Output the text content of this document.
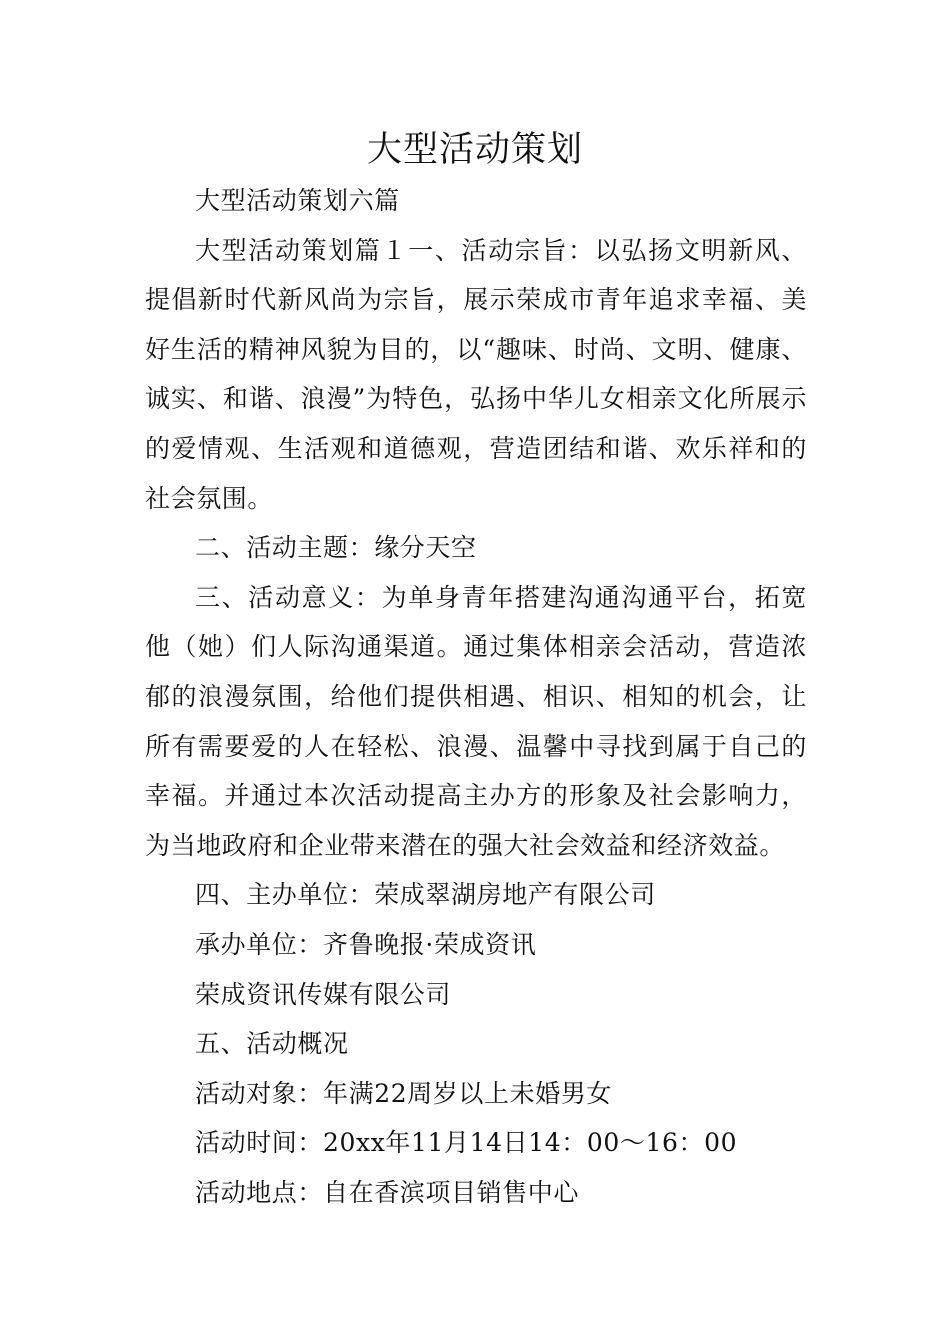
大型活动策划

大型活动策划六篇

大型活动策划篇１一、活动宗旨：以弘扬文明新风、提倡新时代新风尚为宗旨，展示荣成市青年追求幸福、美好生活的精神风貌为目的，以“趣味、时尚、文明、健康、诚实、和谐、浪漫”为特色，弘扬中华儿女相亲文化所展示的爱情观、生活观和道德观，营造团结和谐、欢乐祥和的社会氛围。

二、活动主题：缘分天空

三、活动意义：为单身青年搭建沟通沟通平台，拓宽他（她）们人际沟通渠道。通过集体相亲会活动，营造浓郁的浪漫氛围，给他们提供相遇、相识、相知的机会，让所有需要爱的人在轻松、浪漫、温馨中寻找到属于自己的幸福。并通过本次活动提高主办方的形象及社会影响力，为当地政府和企业带来潜在的强大社会效益和经济效益。

四、主办单位：荣成翠湖房地产有限公司

承办单位：齐鲁晚报·荣成资讯

荣成资讯传媒有限公司

五、活动概况

活动对象：年满22周岁以上未婚男女

活动时间：20xx年11月14日14：00～16：00

活动地点：自在香滨项目销售中心
